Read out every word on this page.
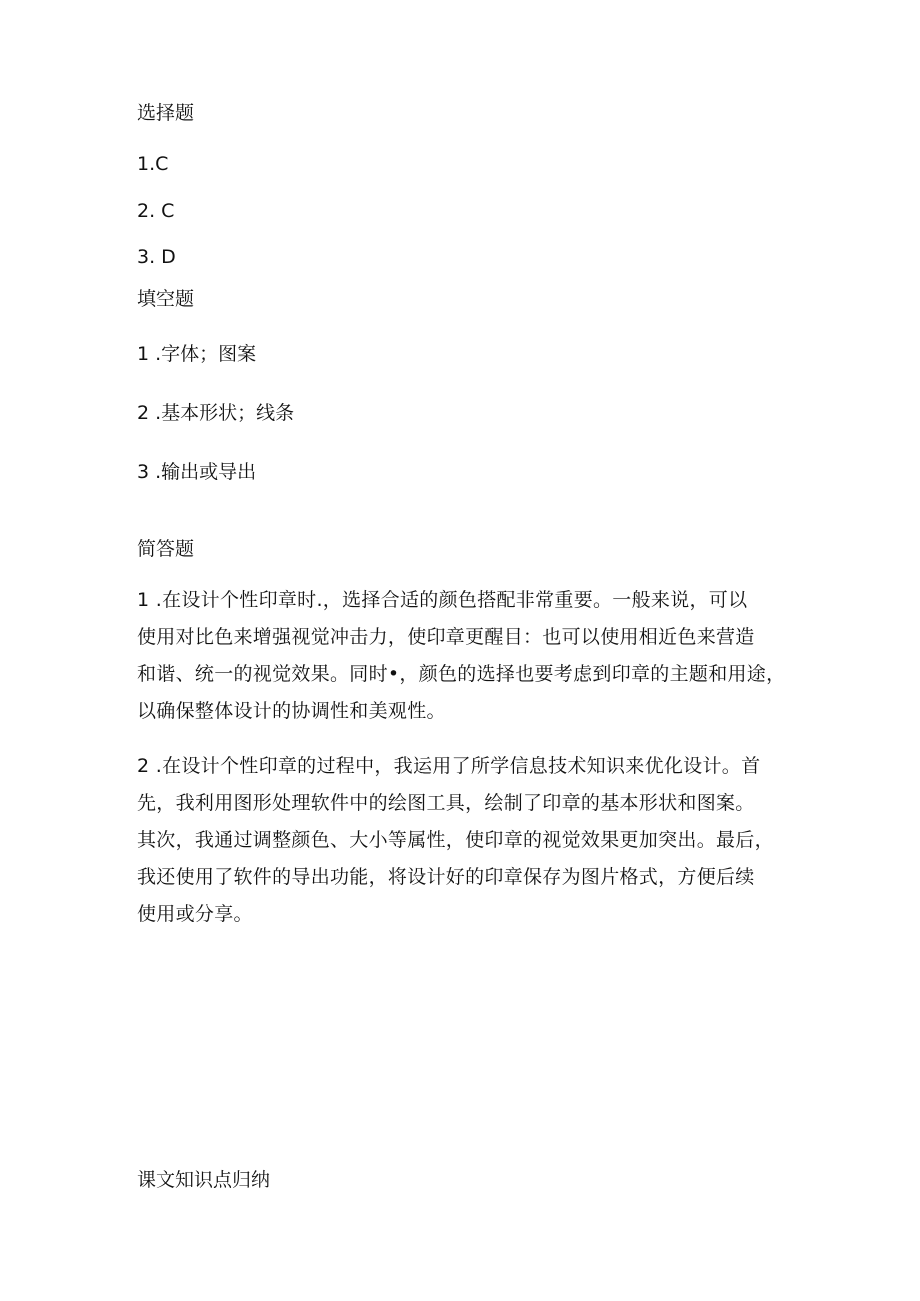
选择题
1.C
2. C
3. D
填空题
1 .字体；图案
2 .基本形状；线条
3 .输出或导出
简答题
1 .在设计个性印章时.，选择合适的颜色搭配非常重要。一般来说，可以
使用对比色来增强视觉冲击力，使印章更醒目：也可以使用相近色来营造
和谐、统一的视觉效果。同时•，颜色的选择也要考虑到印章的主题和用途，
以确保整体设计的协调性和美观性。
2 .在设计个性印章的过程中，我运用了所学信息技术知识来优化设计。首
先，我利用图形处理软件中的绘图工具，绘制了印章的基本形状和图案。
其次，我通过调整颜色、大小等属性，使印章的视觉效果更加突出。最后，
我还使用了软件的导出功能，将设计好的印章保存为图片格式，方便后续
使用或分享。
课文知识点归纳
